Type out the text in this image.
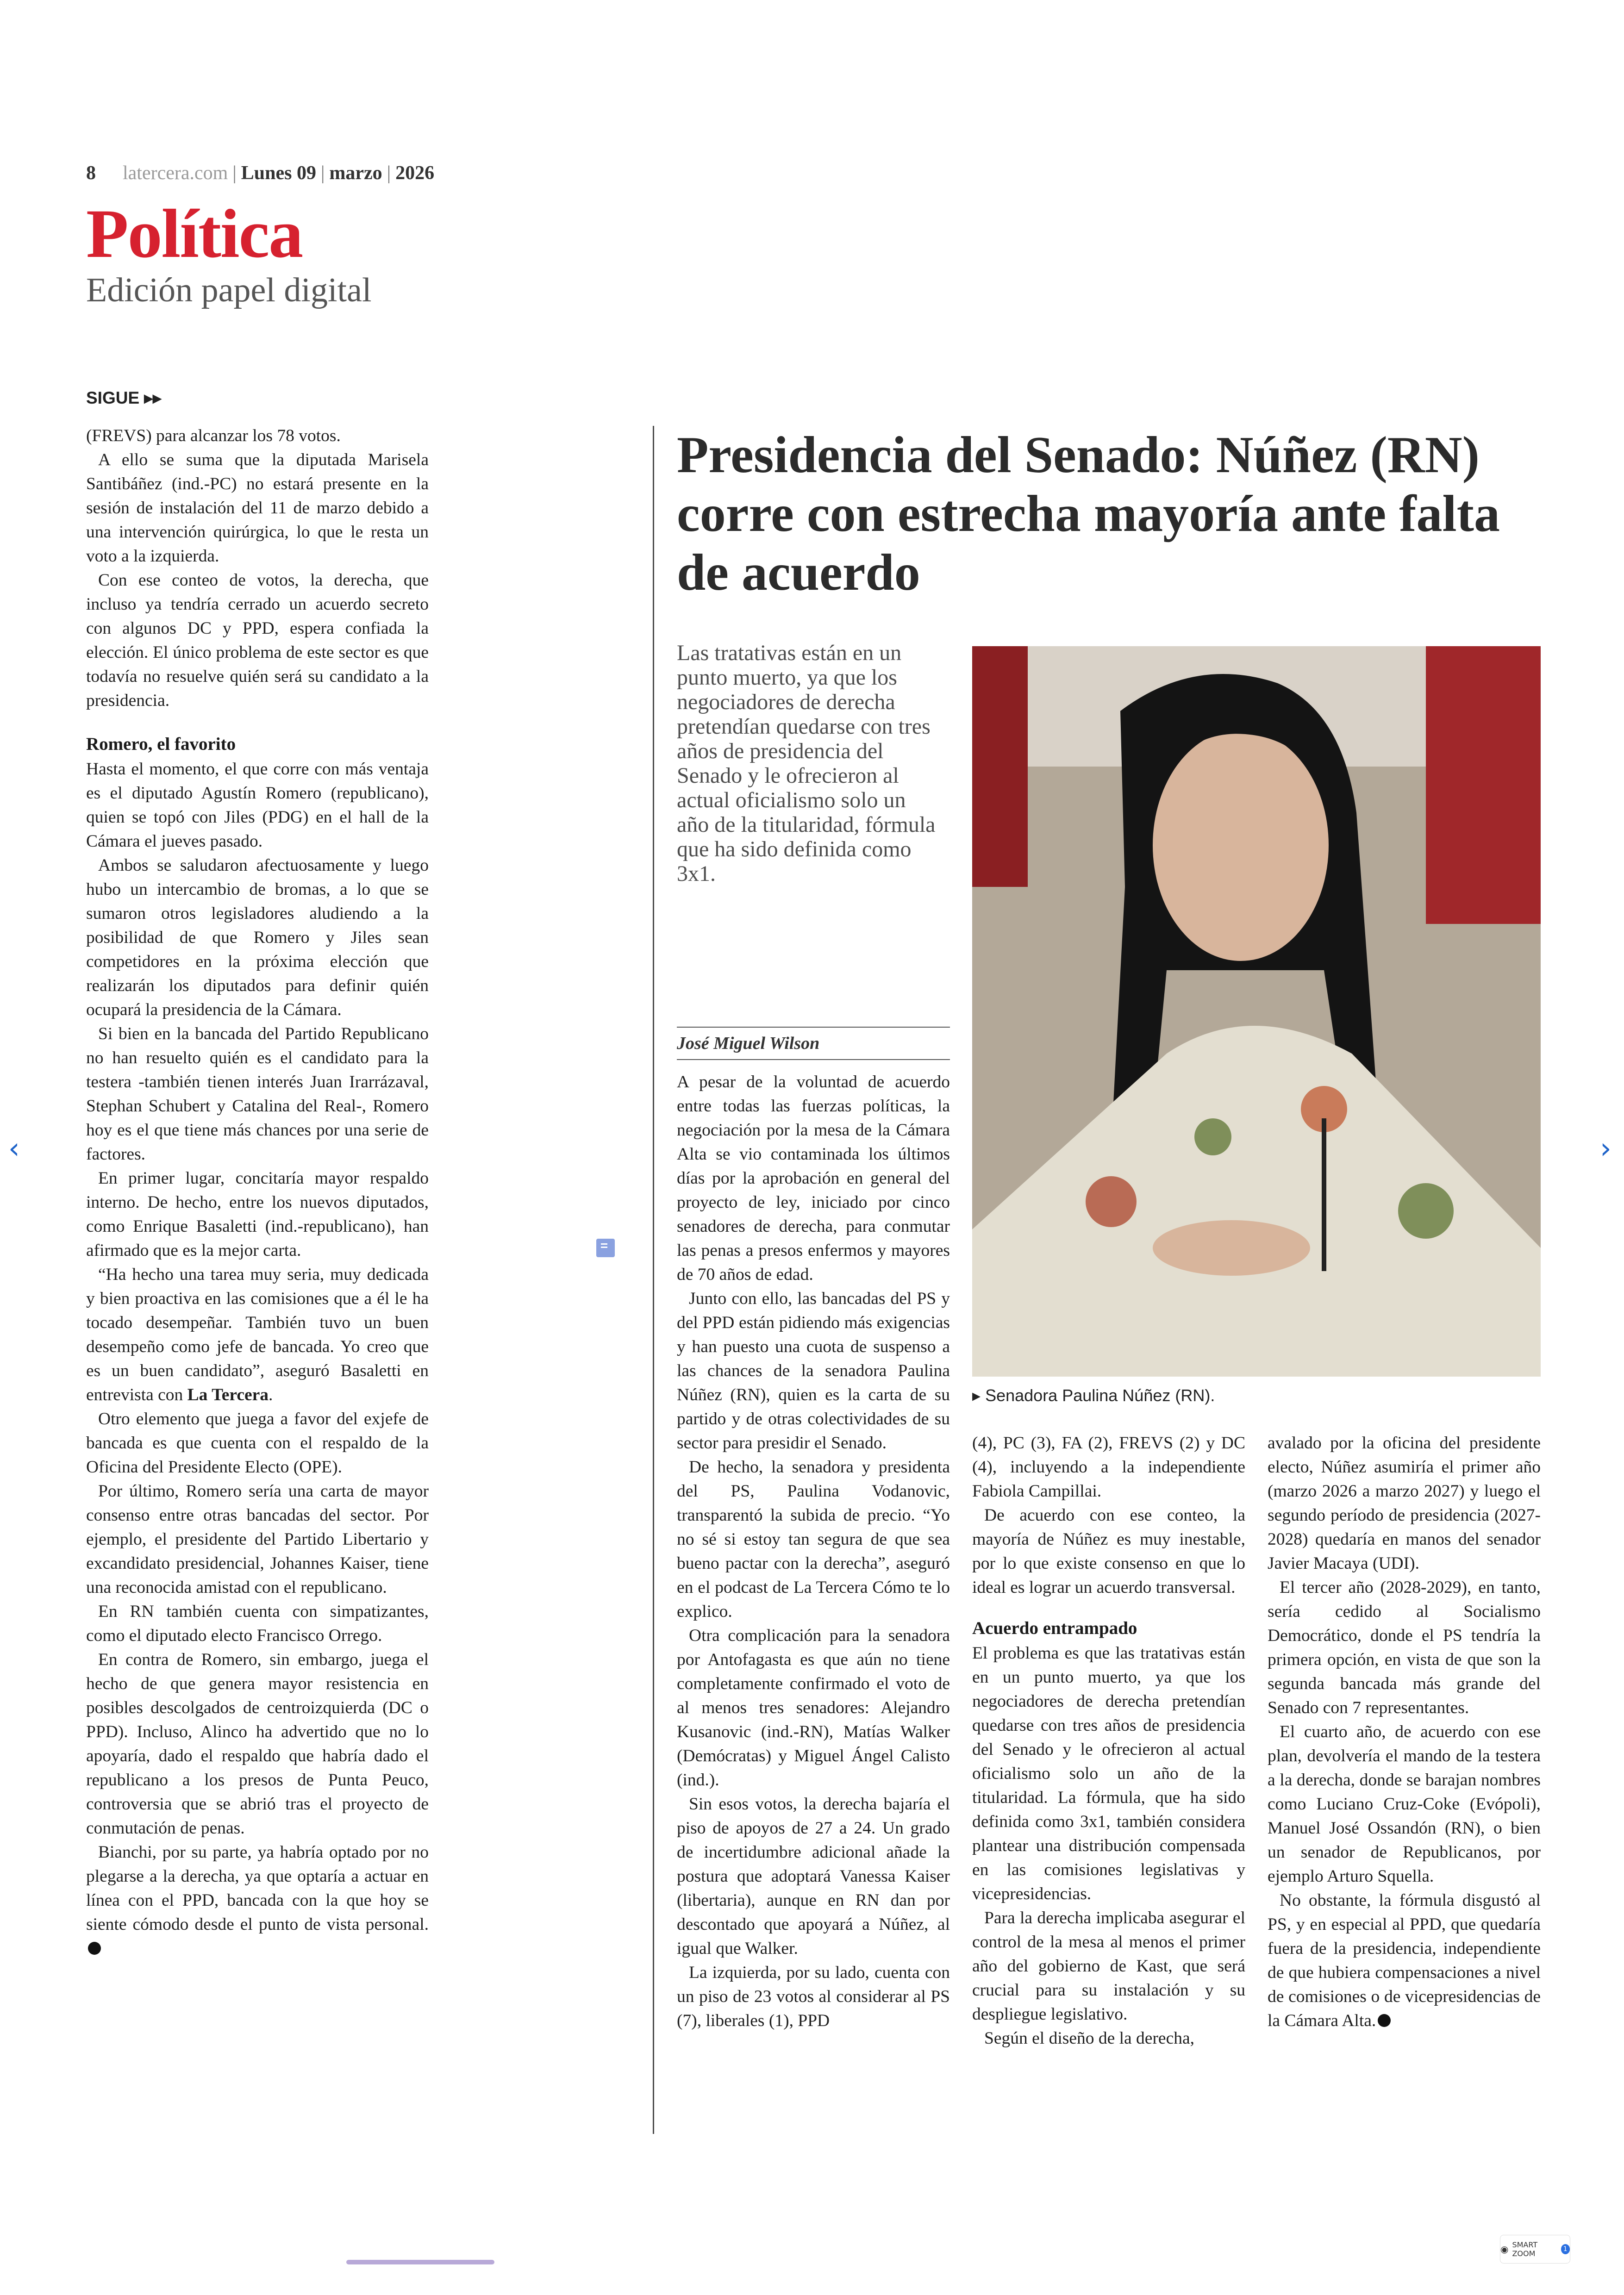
8 latercera.com | Lunes 09 | marzo | 2026
Política
Edición papel digital
SIGUE ▸▸

(FREVS) para alcanzar los 78 votos.

A ello se suma que la diputada Marisela Santibáñez (ind.-PC) no estará presente en la sesión de instalación del 11 de marzo debido a una intervención quirúrgica, lo que le resta un voto a la izquierda.

Con ese conteo de votos, la derecha, que incluso ya tendría cerrado un acuerdo secreto con algunos DC y PPD, espera confiada la elección. El único problema de este sector es que todavía no resuelve quién será su candidato a la presidencia.

Romero, el favorito

Hasta el momento, el que corre con más ventaja es el diputado Agustín Romero (republicano), quien se topó con Jiles (PDG) en el hall de la Cámara el jueves pasado.

Ambos se saludaron afectuosamente y luego hubo un intercambio de bromas, a lo que se sumaron otros legisladores aludiendo a la posibilidad de que Romero y Jiles sean competidores en la próxima elección que realizarán los diputados para definir quién ocupará la presidencia de la Cámara.

Si bien en la bancada del Partido Republicano no han resuelto quién es el candidato para la testera -también tienen interés Juan Irarrázaval, Stephan Schubert y Catalina del Real-, Romero hoy es el que tiene más chances por una serie de factores.

En primer lugar, concitaría mayor respaldo interno. De hecho, entre los nuevos diputados, como Enrique Basaletti (ind.-republicano), han afirmado que es la mejor carta.

“Ha hecho una tarea muy seria, muy dedicada y bien proactiva en las comisiones que a él le ha tocado desempeñar. También tuvo un buen desempeño como jefe de bancada. Yo creo que es un buen candidato”, aseguró Basaletti en entrevista con La Tercera.

Otro elemento que juega a favor del exjefe de bancada es que cuenta con el respaldo de la Oficina del Presidente Electo (OPE).

Por último, Romero sería una carta de mayor consenso entre otras bancadas del sector. Por ejemplo, el presidente del Partido Libertario y excandidato presidencial, Johannes Kaiser, tiene una reconocida amistad con el republicano.

En RN también cuenta con simpatizantes, como el diputado electo Francisco Orrego.

En contra de Romero, sin embargo, juega el hecho de que genera mayor resistencia en posibles descolgados de centroizquierda (DC o PPD). Incluso, Alinco ha advertido que no lo apoyaría, dado el respaldo que habría dado el republicano a los presos de Punta Peuco, controversia que se abrió tras el proyecto de conmutación de penas.

Bianchi, por su parte, ya habría optado por no plegarse a la derecha, ya que optaría a actuar en línea con el PPD, bancada con la que hoy se siente cómodo desde el punto de vista personal.

Presidencia del Senado: Núñez (RN) corre con estrecha mayoría ante falta de acuerdo
Las tratativas están en un punto muerto, ya que los negociadores de derecha pretendían quedarse con tres años de presidencia del Senado y le ofrecieron al actual oficialismo solo un año de la titularidad, fórmula que ha sido definida como 3x1.
José Miguel Wilson
▸ Senadora Paulina Núñez (RN).

A pesar de la voluntad de acuerdo entre todas las fuerzas políticas, la negociación por la mesa de la Cámara Alta se vio contaminada los últimos días por la aprobación en general del proyecto de ley, iniciado por cinco senadores de derecha, para conmutar las penas a presos enfermos y mayores de 70 años de edad.

Junto con ello, las bancadas del PS y del PPD están pidiendo más exigencias y han puesto una cuota de suspenso a las chances de la senadora Paulina Núñez (RN), quien es la carta de su partido y de otras colectividades de su sector para presidir el Senado.

De hecho, la senadora y presidenta del PS, Paulina Vodanovic, transparentó la subida de precio. “Yo no sé si estoy tan segura de que sea bueno pactar con la derecha”, aseguró en el podcast de La Tercera Cómo te lo explico.

Otra complicación para la senadora por Antofagasta es que aún no tiene completamente confirmado el voto de al menos tres senadores: Alejandro Kusanovic (ind.-RN), Matías Walker (Demócratas) y Miguel Ángel Calisto (ind.).

Sin esos votos, la derecha bajaría el piso de apoyos de 27 a 24. Un grado de incertidumbre adicional añade la postura que adoptará Vanessa Kaiser (libertaria), aunque en RN dan por descontado que apoyará a Núñez, al igual que Walker.

La izquierda, por su lado, cuenta con un piso de 23 votos al considerar al PS (7), liberales (1), PPD

(4), PC (3), FA (2), FREVS (2) y DC (4), incluyendo a la independiente Fabiola Campillai.

De acuerdo con ese conteo, la mayoría de Núñez es muy inestable, por lo que existe consenso en que lo ideal es lograr un acuerdo transversal.

Acuerdo entrampado

El problema es que las tratativas están en un punto muerto, ya que los negociadores de derecha pretendían quedarse con tres años de presidencia del Senado y le ofrecieron al actual oficialismo solo un año de la titularidad. La fórmula, que ha sido definida como 3x1, también considera plantear una distribución compensada en las comisiones legislativas y vicepresidencias.

Para la derecha implicaba asegurar el control de la mesa al menos el primer año del gobierno de Kast, que será crucial para su instalación y su despliegue legislativo.

Según el diseño de la derecha,

avalado por la oficina del presidente electo, Núñez asumiría el primer año (marzo 2026 a marzo 2027) y luego el segundo período de presidencia (2027-2028) quedaría en manos del senador Javier Macaya (UDI).

El tercer año (2028-2029), en tanto, sería cedido al Socialismo Democrático, donde el PS tendría la primera opción, en vista de que son la segunda bancada más grande del Senado con 7 representantes.

El cuarto año, de acuerdo con ese plan, devolvería el mando de la testera a la derecha, donde se barajan nombres como Luciano Cruz-Coke (Evópoli), Manuel José Ossandón (RN), o bien un senador de Republicanos, por ejemplo Arturo Squella.

No obstante, la fórmula disgustó al PS, y en especial al PPD, que quedaría fuera de la presidencia, independiente de que hubiera compensaciones a nivel de comisiones o de vicepresidencias de la Cámara Alta.

‹	›
◉ SMART ZOOM	1
